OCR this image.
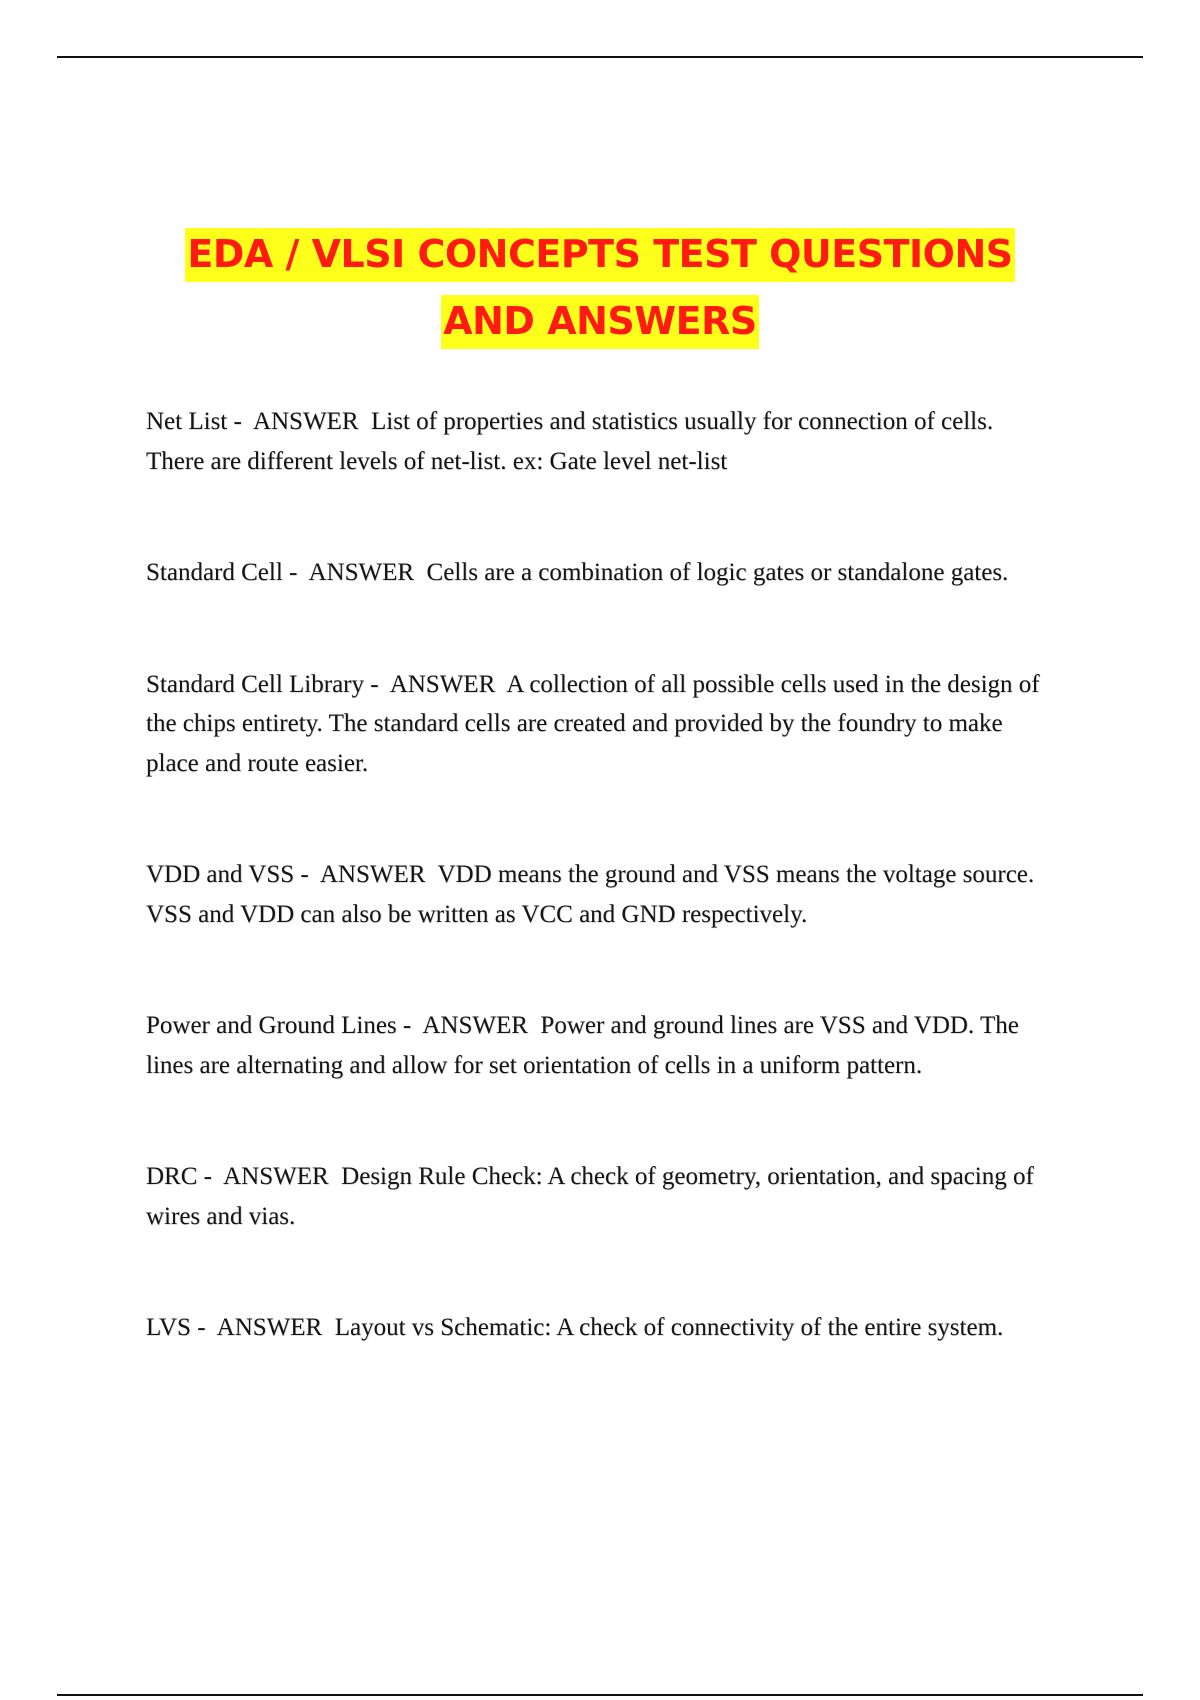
EDA / VLSI CONCEPTS TEST QUESTIONS
AND ANSWERS
Net List - ANSWER List of properties and statistics usually for connection of cells. There are different levels of net-list. ex: Gate level net-list
Standard Cell - ANSWER Cells are a combination of logic gates or standalone gates.
Standard Cell Library - ANSWER A collection of all possible cells used in the design of the chips entirety. The standard cells are created and provided by the foundry to make place and route easier.
VDD and VSS - ANSWER VDD means the ground and VSS means the voltage source. VSS and VDD can also be written as VCC and GND respectively.
Power and Ground Lines - ANSWER Power and ground lines are VSS and VDD. The lines are alternating and allow for set orientation of cells in a uniform pattern.
DRC - ANSWER Design Rule Check: A check of geometry, orientation, and spacing of wires and vias.
LVS - ANSWER Layout vs Schematic: A check of connectivity of the entire system.
